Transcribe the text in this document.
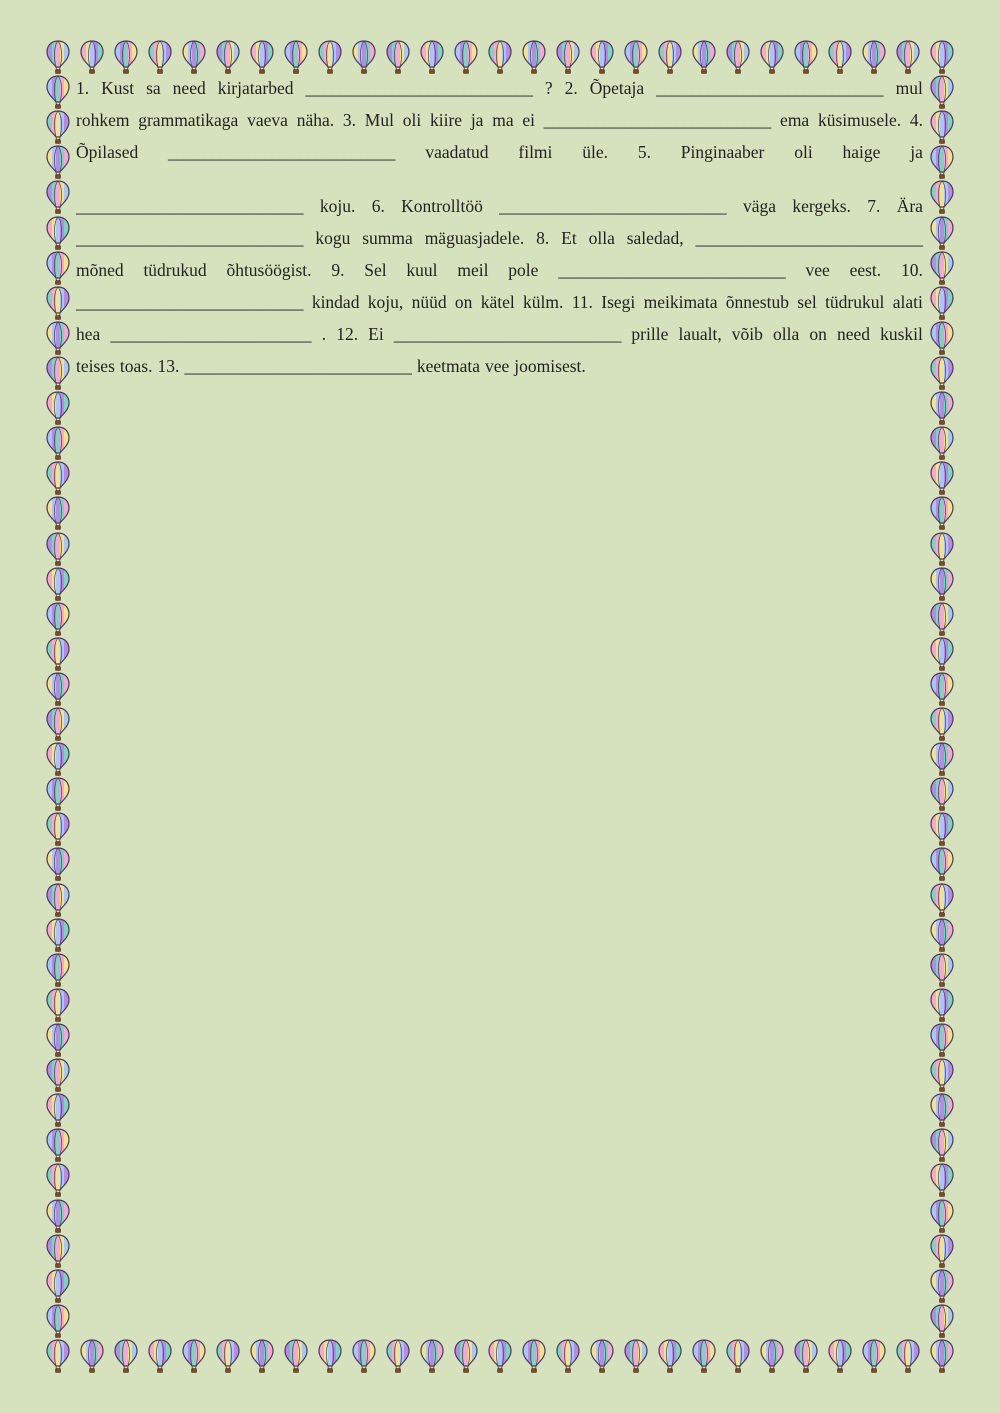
1. Kust sa need kirjatarbed __________________________ ? 2. Õpetaja __________________________ mul
rohkem grammatikaga vaeva näha. 3. Mul oli kiire ja ma ei __________________________ ema küsimusele. 4.
Õpilased __________________________ vaadatud filmi üle. 5. Pinginaaber oli haige ja
__________________________ koju. 6. Kontrolltöö __________________________ väga kergeks. 7. Ära
__________________________ kogu summa mäguasjadele. 8. Et olla saledad, __________________________
mõned tüdrukud õhtusöögist. 9. Sel kuul meil pole __________________________ vee eest. 10.
__________________________ kindad koju, nüüd on kätel külm. 11. Isegi meikimata õnnestub sel tüdrukul alati
hea _______________________ . 12. Ei __________________________ prille laualt, võib olla on need kuskil
teises toas. 13. __________________________ keetmata vee joomisest.
